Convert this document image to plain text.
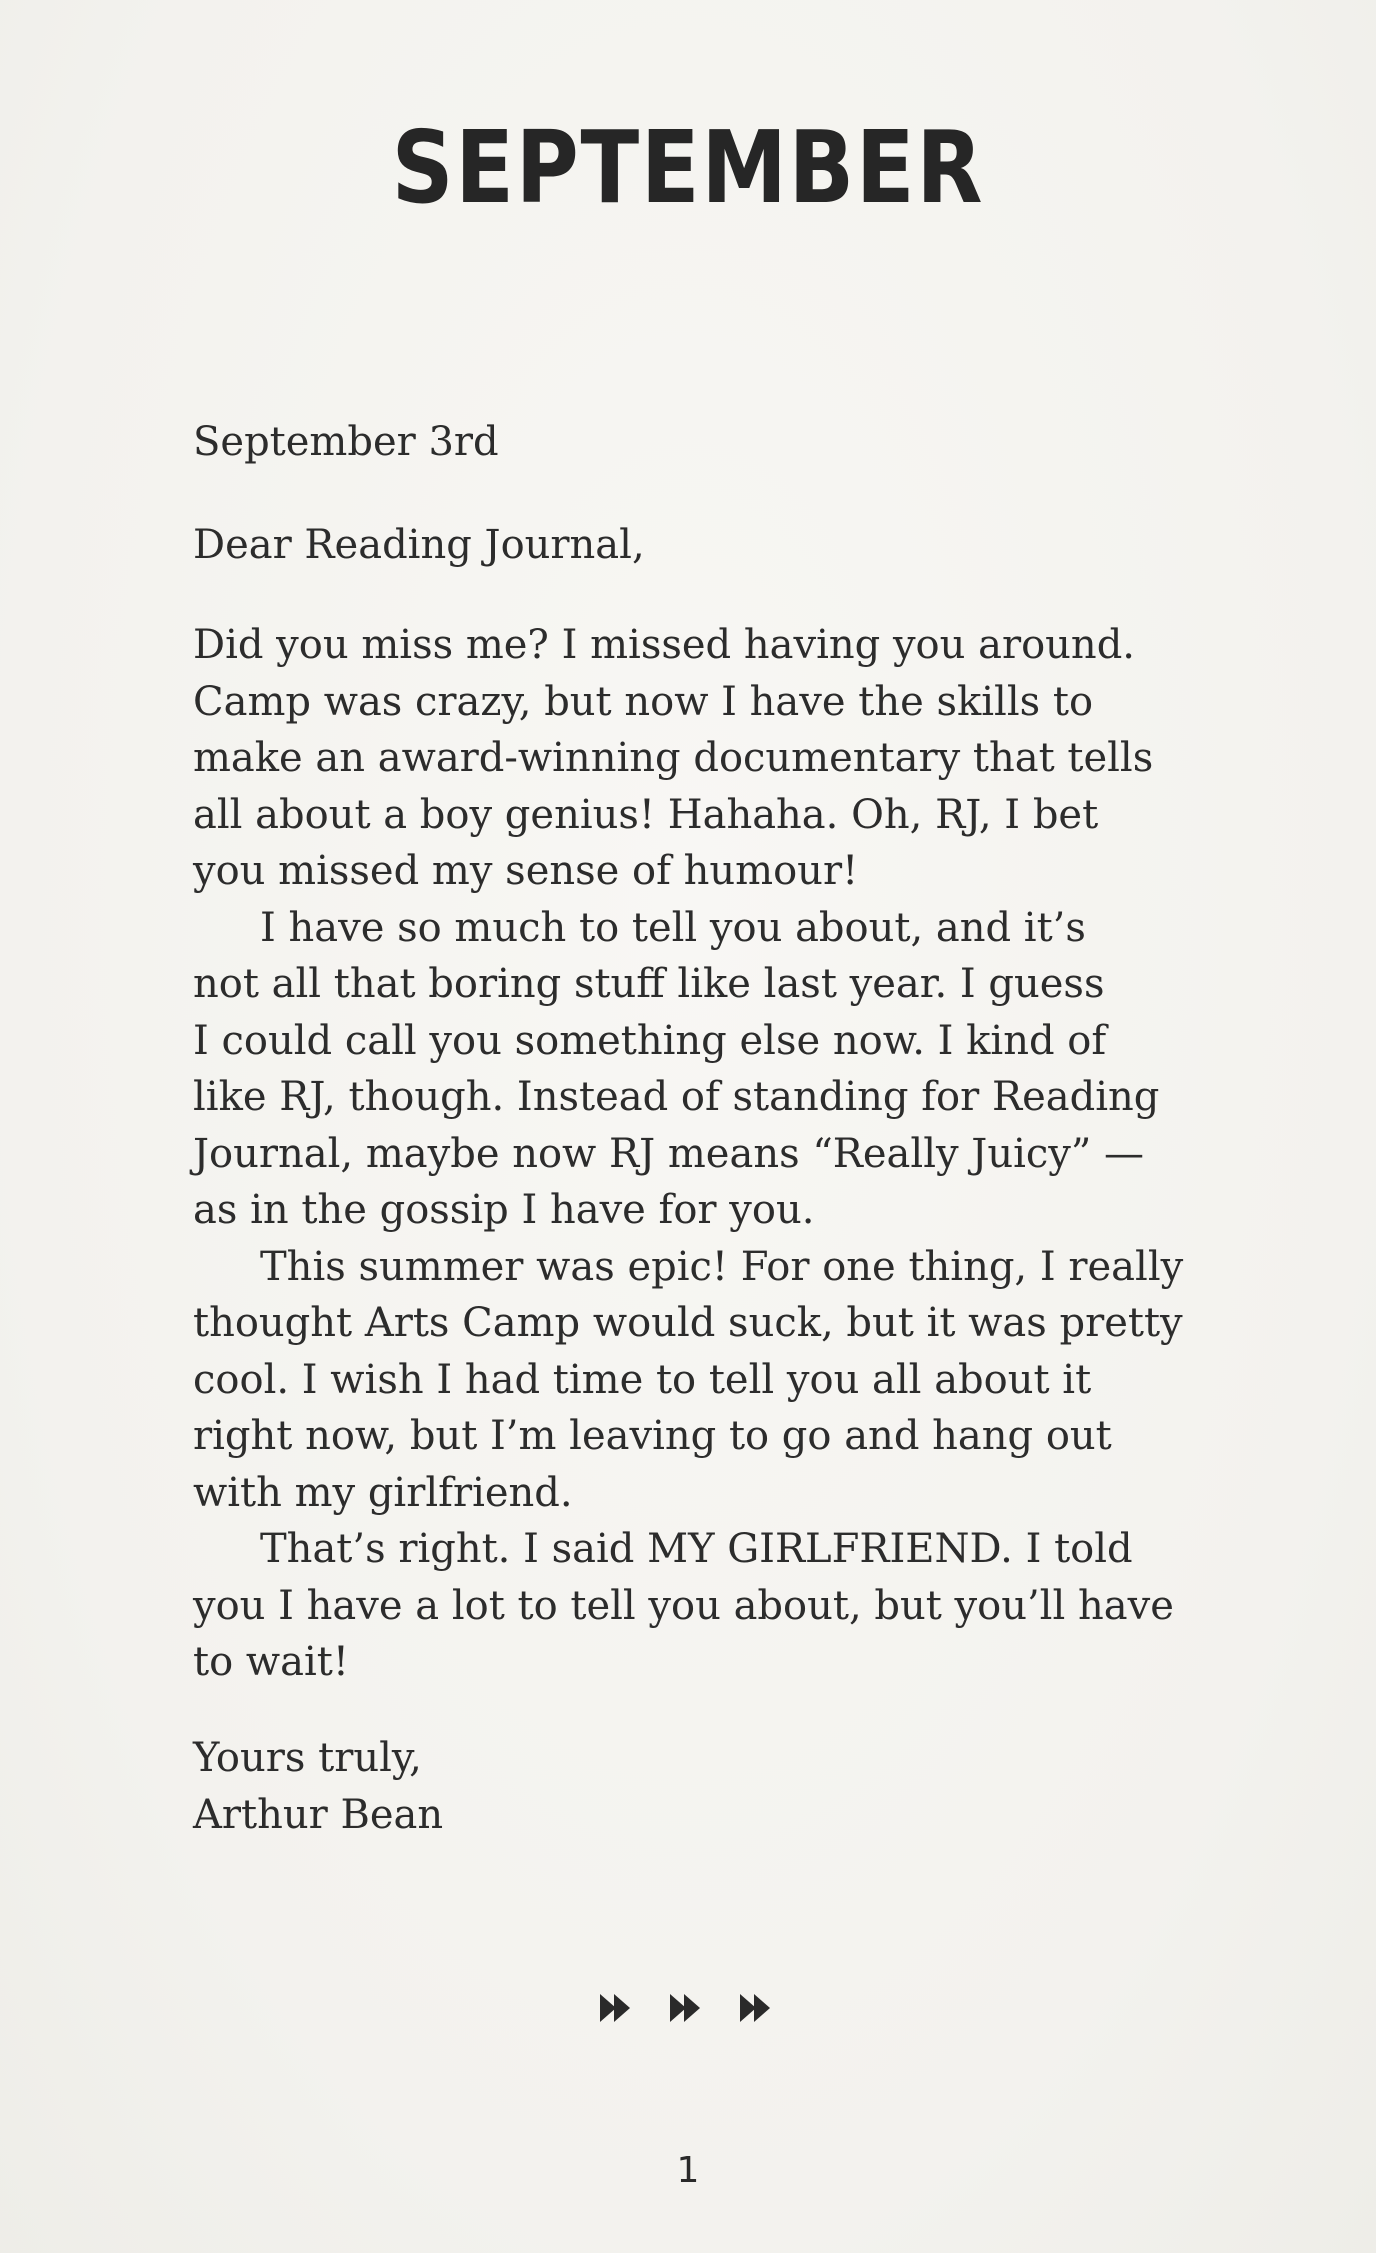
SEPTEMBER
September 3rd
Dear Reading Journal,

Did you miss me? I missed having you around.
Camp was crazy, but now I have the skills to
make an award-winning documentary that tells
all about a boy genius! Hahaha. Oh, RJ, I bet
you missed my sense of humour!

I have so much to tell you about, and it’s
not all that boring stuff like last year. I guess
I could call you something else now. I kind of
like RJ, though. Instead of standing for Reading
Journal, maybe now RJ means “Really Juicy” —
as in the gossip I have for you.

This summer was epic! For one thing, I really
thought Arts Camp would suck, but it was pretty
cool. I wish I had time to tell you all about it
right now, but I’m leaving to go and hang out
with my girlfriend.

That’s right. I said MY GIRLFRIEND. I told
you I have a lot to tell you about, but you’ll have
to wait!

Yours truly,
Arthur Bean
1
